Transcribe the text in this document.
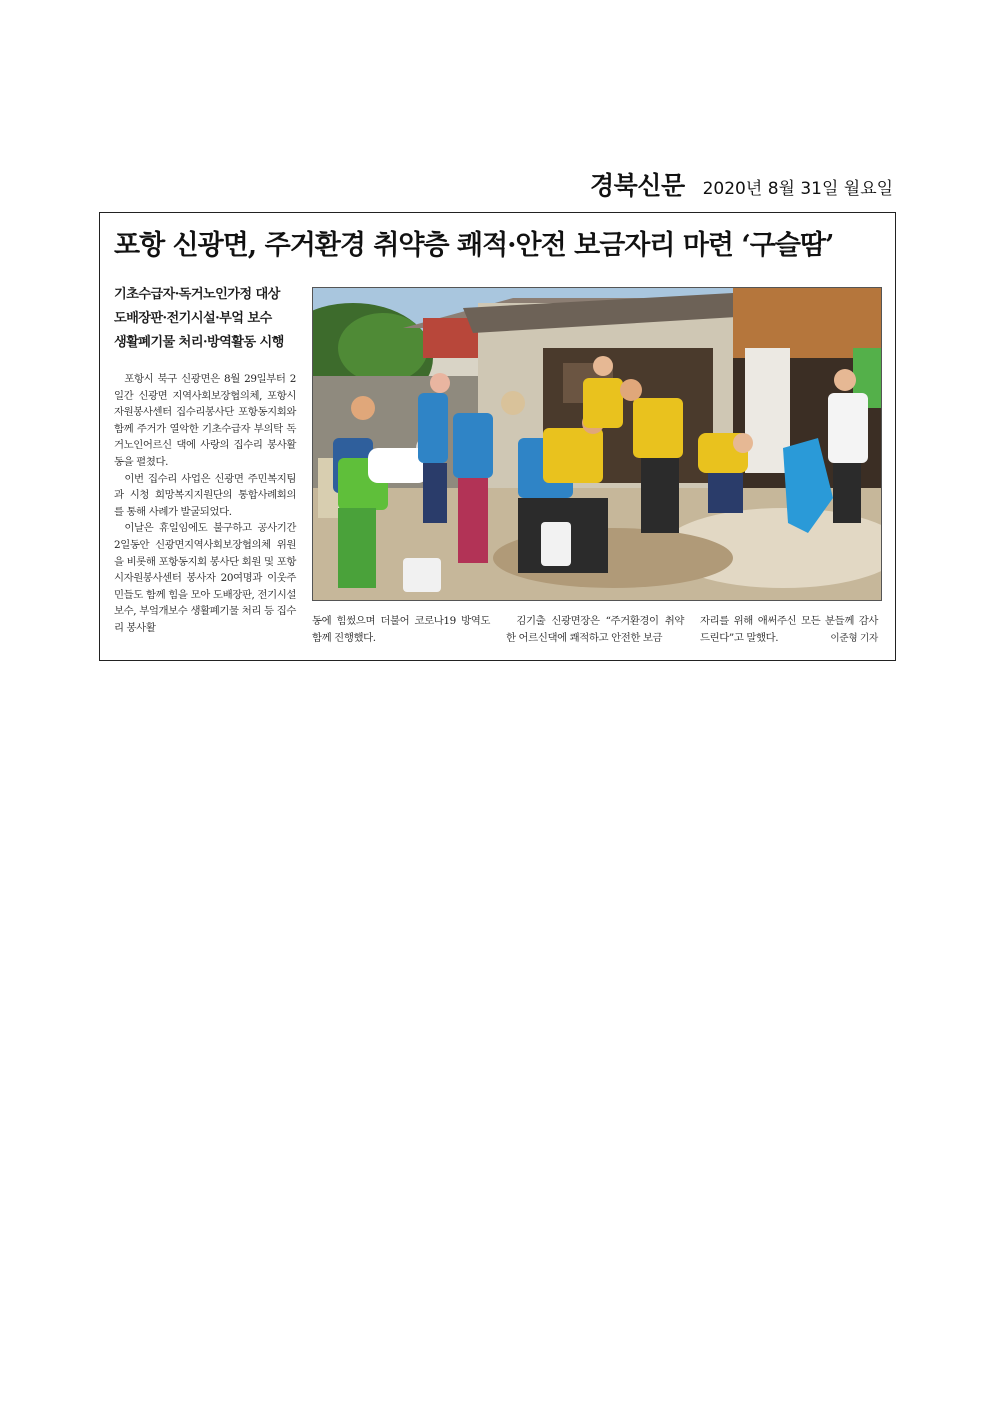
경북신문 2020년 8월 31일 월요일
포항 신광면, 주거환경 취약층 쾌적·안전 보금자리 마련 ‘구슬땀’
기초수급자·독거노인가정 대상
도배장판·전기시설·부엌 보수
생활폐기물 처리·방역활동 시행

포항시 북구 신광면은 8월 29일부터 2일간 신광면 지역사회보장협의체, 포항시자원봉사센터 집수리봉사단 포항동지회와 함께 주거가 열악한 기초수급자 부의탁 독거노인어르신 댁에 사랑의 집수리 봉사활동을 펼쳤다.

이번 집수리 사업은 신광면 주민복지팀과 시청 희망복지지원단의 통합사례회의를 통해 사례가 발굴되었다.

이날은 휴일임에도 불구하고 공사기간 2일동안 신광면지역사회보장협의체 위원을 비롯해 포항동지회 봉사단 회원 및 포항시자원봉사센터 봉사자 20여명과 이웃주민들도 함께 힘을 모아 도배장판, 전기시설보수, 부엌개보수 생활폐기물 처리 등 집수리 봉사활

동에 힘썼으며 더불어 코로나19 방역도 함께 진행했다.

김기출 신광면장은 “주거환경이 취약한 어르신댁에 쾌적하고 안전한 보금

자리를 위해 애써주신 모든 분들께 감사드린다”고 말했다.	이준형 기자
